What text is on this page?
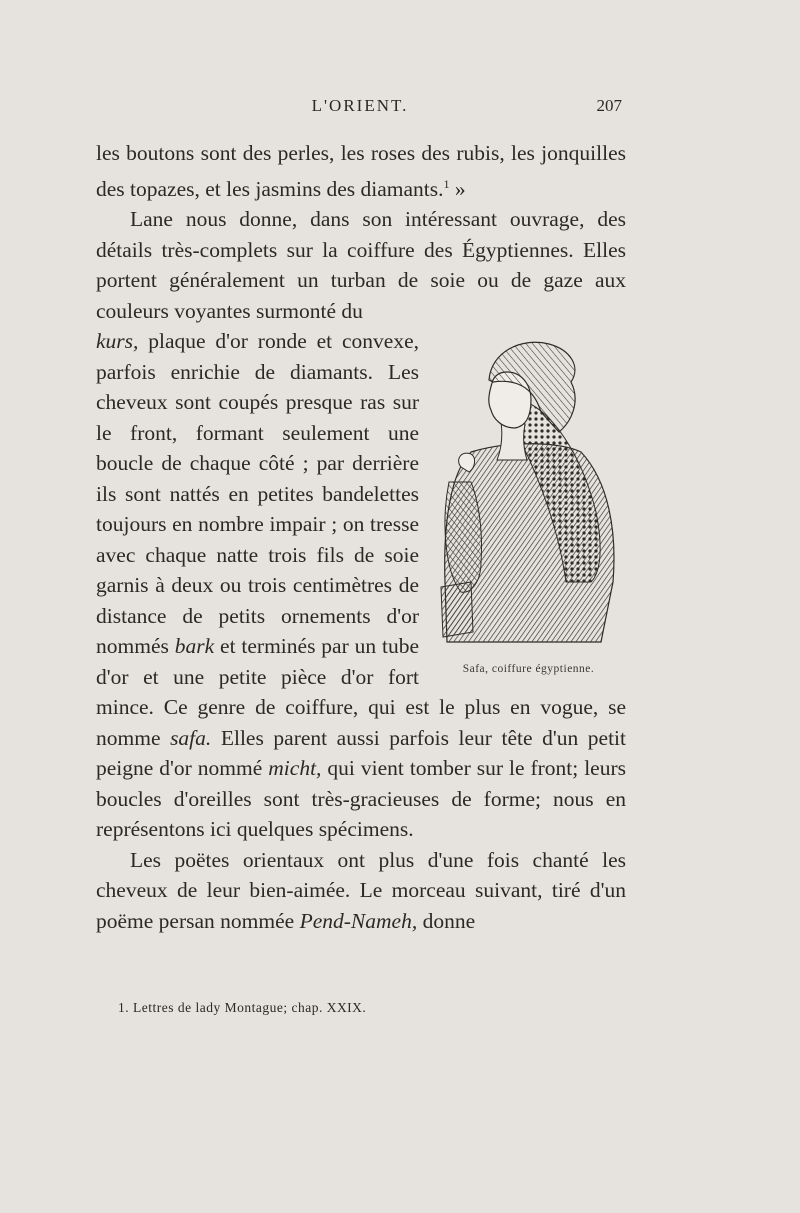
L'ORIENT.	207

les boutons sont des perles, les roses des rubis, les jonquilles des topazes, et les jasmins des diamants.$^1$ »

Lane nous donne, dans son intéressant ouvrage, des détails très-complets sur la coiffure des Égyptiennes. Elles portent généralement un turban de soie ou de gaze aux couleurs voyantes surmonté du

Safa, coiffure égyptienne.
kurs, plaque d'or ronde et convexe, parfois enrichie de diamants. Les cheveux sont coupés presque ras sur le front, formant seulement une boucle de chaque côté ; par derrière ils sont nattés en petites bandelettes toujours en nombre impair ; on tresse avec chaque natte trois fils de soie garnis à deux ou trois centimètres de distance de petits ornements d'or nommés bark et terminés par un tube d'or et une petite pièce d'or fort mince. Ce genre de coiffure, qui est le plus en vogue, se nomme safa. Elles parent aussi parfois leur tête d'un petit peigne d'or nommé micht, qui vient tomber sur le front; leurs boucles d'oreilles sont très-gracieuses de forme; nous en représentons ici quelques spécimens.

Les poëtes orientaux ont plus d'une fois chanté les cheveux de leur bien-aimée. Le morceau suivant, tiré d'un poëme persan nommée Pend-Nameh, donne

1. Lettres de lady Montague; chap. XXIX.
